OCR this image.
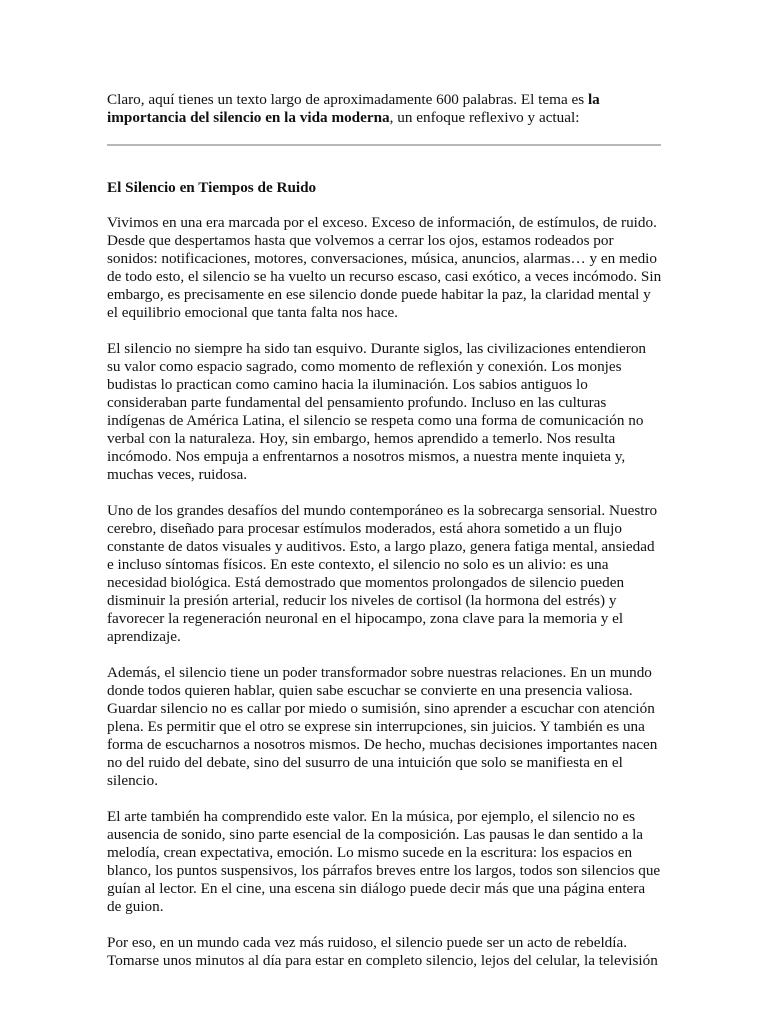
Claro, aquí tienes un texto largo de aproximadamente 600 palabras. El tema es la importancia del silencio en la vida moderna, un enfoque reflexivo y actual:

El Silencio en Tiempos de Ruido

Vivimos en una era marcada por el exceso. Exceso de información, de estímulos, de ruido. Desde que despertamos hasta que volvemos a cerrar los ojos, estamos rodeados por sonidos: notificaciones, motores, conversaciones, música, anuncios, alarmas… y en medio de todo esto, el silencio se ha vuelto un recurso escaso, casi exótico, a veces incómodo. Sin embargo, es precisamente en ese silencio donde puede habitar la paz, la claridad mental y el equilibrio emocional que tanta falta nos hace.

El silencio no siempre ha sido tan esquivo. Durante siglos, las civilizaciones entendieron su valor como espacio sagrado, como momento de reflexión y conexión. Los monjes budistas lo practican como camino hacia la iluminación. Los sabios antiguos lo consideraban parte fundamental del pensamiento profundo. Incluso en las culturas indígenas de América Latina, el silencio se respeta como una forma de comunicación no verbal con la naturaleza. Hoy, sin embargo, hemos aprendido a temerlo. Nos resulta incómodo. Nos empuja a enfrentarnos a nosotros mismos, a nuestra mente inquieta y, muchas veces, ruidosa.

Uno de los grandes desafíos del mundo contemporáneo es la sobrecarga sensorial. Nuestro cerebro, diseñado para procesar estímulos moderados, está ahora sometido a un flujo constante de datos visuales y auditivos. Esto, a largo plazo, genera fatiga mental, ansiedad e incluso síntomas físicos. En este contexto, el silencio no solo es un alivio: es una necesidad biológica. Está demostrado que momentos prolongados de silencio pueden disminuir la presión arterial, reducir los niveles de cortisol (la hormona del estrés) y favorecer la regeneración neuronal en el hipocampo, zona clave para la memoria y el aprendizaje.

Además, el silencio tiene un poder transformador sobre nuestras relaciones. En un mundo donde todos quieren hablar, quien sabe escuchar se convierte en una presencia valiosa. Guardar silencio no es callar por miedo o sumisión, sino aprender a escuchar con atención plena. Es permitir que el otro se exprese sin interrupciones, sin juicios. Y también es una forma de escucharnos a nosotros mismos. De hecho, muchas decisiones importantes nacen no del ruido del debate, sino del susurro de una intuición que solo se manifiesta en el silencio.

El arte también ha comprendido este valor. En la música, por ejemplo, el silencio no es ausencia de sonido, sino parte esencial de la composición. Las pausas le dan sentido a la melodía, crean expectativa, emoción. Lo mismo sucede en la escritura: los espacios en blanco, los puntos suspensivos, los párrafos breves entre los largos, todos son silencios que guían al lector. En el cine, una escena sin diálogo puede decir más que una página entera de guion.

Por eso, en un mundo cada vez más ruidoso, el silencio puede ser un acto de rebeldía. Tomarse unos minutos al día para estar en completo silencio, lejos del celular, la televisión
